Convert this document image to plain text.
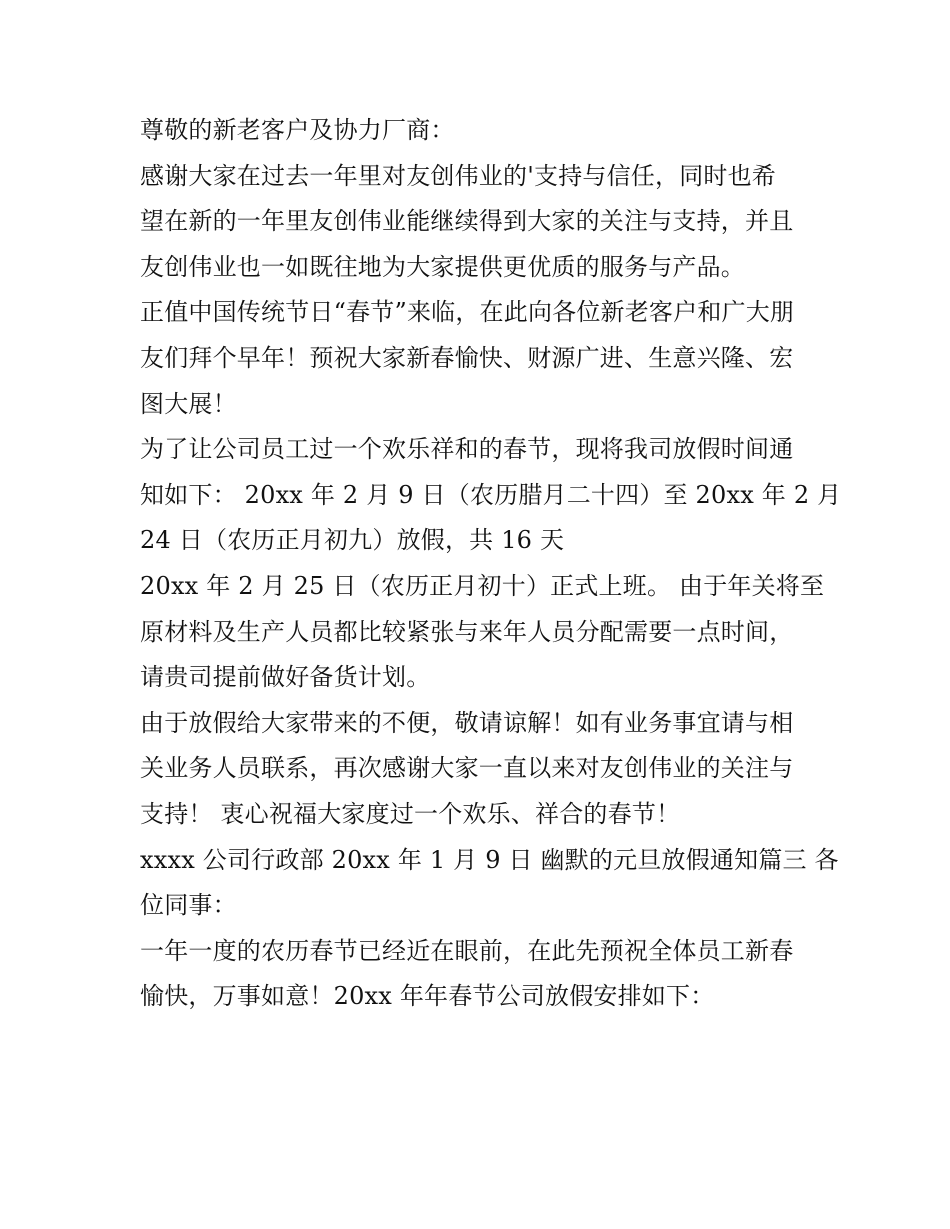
尊敬的新老客户及协力厂商：
感谢大家在过去一年里对友创伟业的'支持与信任，同时也希
望在新的一年里友创伟业能继续得到大家的关注与支持，并且
友创伟业也一如既往地为大家提供更优质的服务与产品。
正值中国传统节日“春节”来临，在此向各位新老客户和广大朋
友们拜个早年！预祝大家新春愉快、财源广进、生意兴隆、宏
图大展！
为了让公司员工过一个欢乐祥和的春节，现将我司放假时间通
知如下： 20xx 年 2 月 9 日（农历腊月二十四）至 20xx 年 2 月
24 日（农历正月初九）放假，共 16 天
20xx 年 2 月 25 日（农历正月初十）正式上班。 由于年关将至
原材料及生产人员都比较紧张与来年人员分配需要一点时间，
请贵司提前做好备货计划。
由于放假给大家带来的不便，敬请谅解！如有业务事宜请与相
关业务人员联系，再次感谢大家一直以来对友创伟业的关注与
支持！ 衷心祝福大家度过一个欢乐、祥合的春节！
xxxx 公司行政部 20xx 年 1 月 9 日 幽默的元旦放假通知篇三 各
位同事：
一年一度的农历春节已经近在眼前，在此先预祝全体员工新春
愉快，万事如意！20xx 年年春节公司放假安排如下：
